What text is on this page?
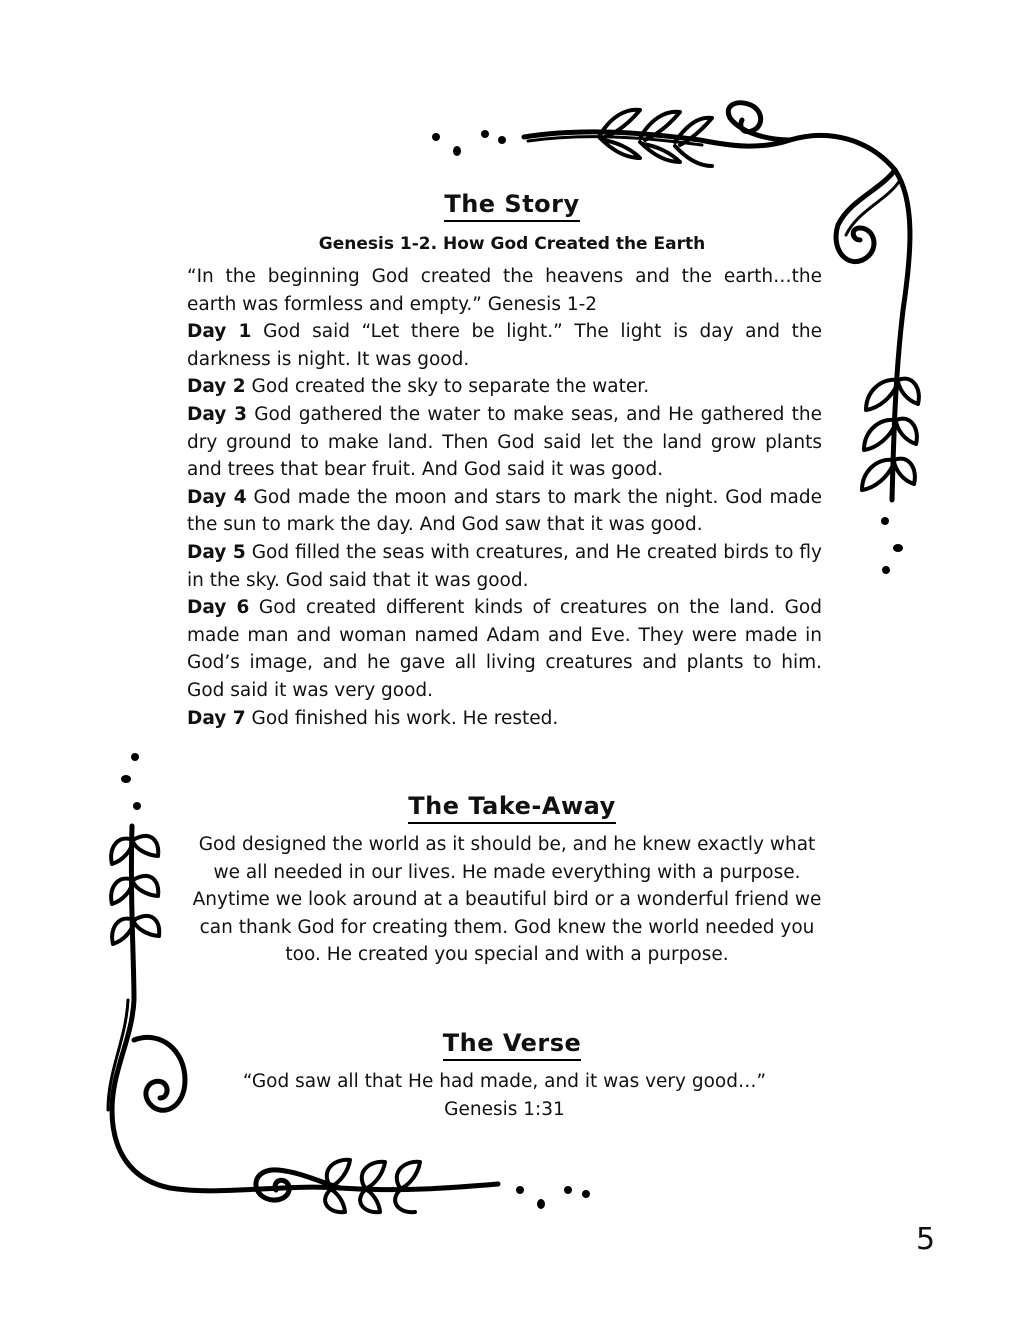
The Story
Genesis 1-2. How God Created the Earth

“In the beginning God created the heavens and the earth…the earth was formless and empty.” Genesis 1-2

Day 1 God said “Let there be light.” The light is day and the darkness is night. It was good.

Day 2 God created the sky to separate the water.

Day 3 God gathered the water to make seas, and He gathered the dry ground to make land. Then God said let the land grow plants and trees that bear fruit. And God said it was good.

Day 4 God made the moon and stars to mark the night. God made the sun to mark the day. And God saw that it was good.

Day 5 God filled the seas with creatures, and He created birds to fly in the sky. God said that it was good.

Day 6 God created different kinds of creatures on the land. God made man and woman named Adam and Eve. They were made in God’s image, and he gave all living creatures and plants to him. God said it was very good.

Day 7 God finished his work. He rested.

The Take-Away

God designed the world as it should be, and he knew exactly what we all needed in our lives. He made everything with a purpose. Anytime we look around at a beautiful bird or a wonderful friend we can thank God for creating them. God knew the world needed you too. He created you special and with a purpose.

The Verse

“God saw all that He had made, and it was very good…”

Genesis 1:31

5
